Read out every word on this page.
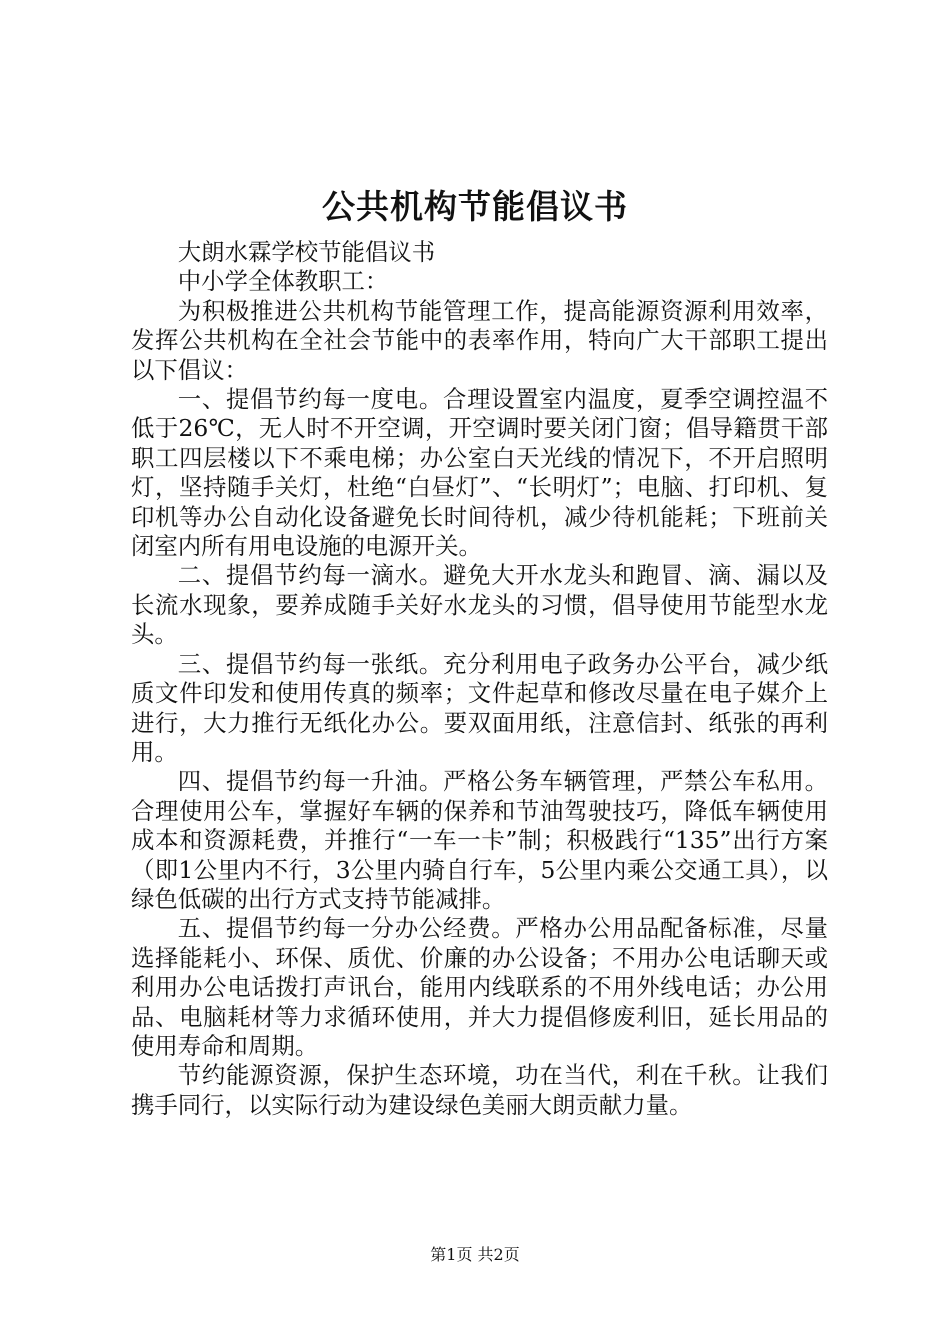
公共机构节能倡议书

大朗水霖学校节能倡议书

中小学全体教职工：

为积极推进公共机构节能管理工作，提高能源资源利用效率，发挥公共机构在全社会节能中的表率作用，特向广大干部职工提出以下倡议：

一、提倡节约每一度电。合理设置室内温度，夏季空调控温不低于26℃，无人时不开空调，开空调时要关闭门窗；倡导籍贯干部职工四层楼以下不乘电梯；办公室白天光线的情况下，不开启照明灯，坚持随手关灯，杜绝“白昼灯”、“长明灯”；电脑、打印机、复印机等办公自动化设备避免长时间待机，减少待机能耗；下班前关闭室内所有用电设施的电源开关。

二、提倡节约每一滴水。避免大开水龙头和跑冒、滴、漏以及长流水现象，要养成随手关好水龙头的习惯，倡导使用节能型水龙头。

三、提倡节约每一张纸。充分利用电子政务办公平台，减少纸质文件印发和使用传真的频率；文件起草和修改尽量在电子媒介上进行，大力推行无纸化办公。要双面用纸，注意信封、纸张的再利用。

四、提倡节约每一升油。严格公务车辆管理，严禁公车私用。合理使用公车，掌握好车辆的保养和节油驾驶技巧，降低车辆使用成本和资源耗费，并推行“一车一卡”制；积极践行“135”出行方案（即1公里内不行，3公里内骑自行车，5公里内乘公交通工具），以绿色低碳的出行方式支持节能减排。

五、提倡节约每一分办公经费。严格办公用品配备标准，尽量选择能耗小、环保、质优、价廉的办公设备；不用办公电话聊天或利用办公电话拨打声讯台，能用内线联系的不用外线电话；办公用品、电脑耗材等力求循环使用，并大力提倡修废利旧，延长用品的使用寿命和周期。

节约能源资源，保护生态环境，功在当代，利在千秋。让我们携手同行，以实际行动为建设绿色美丽大朗贡献力量。

第1页 共2页
